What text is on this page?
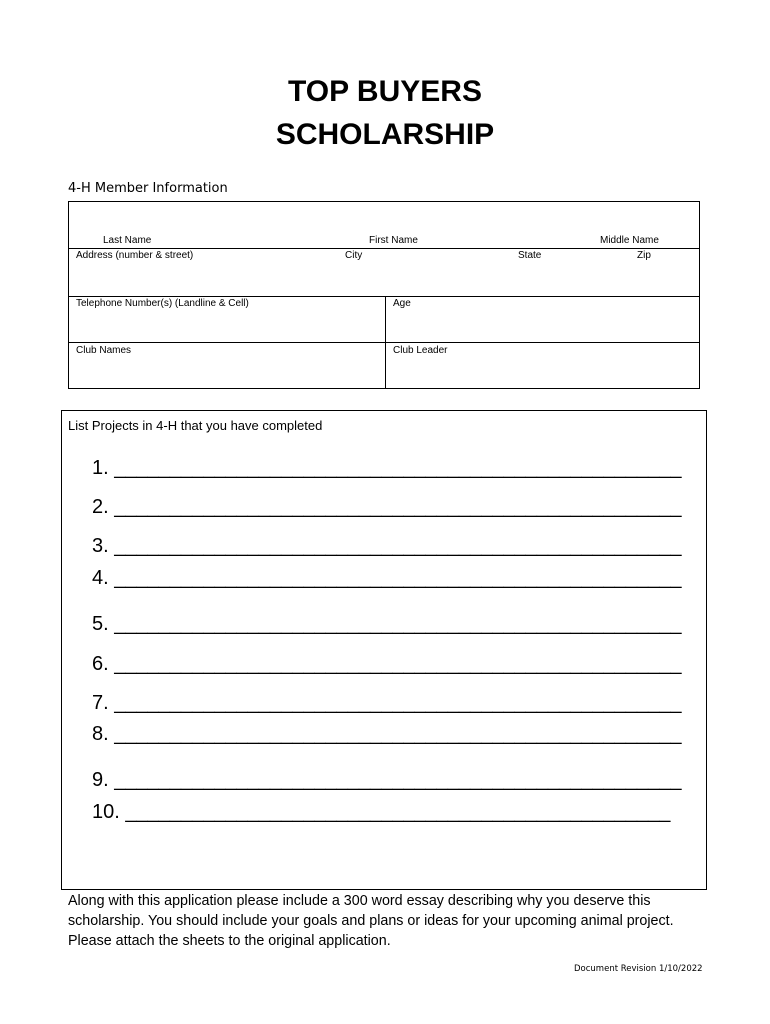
TOP BUYERS
SCHOLARSHIP
4-H Member Information
Last Name	First Name	Middle Name
Address (number & street)	City	State	Zip
Telephone Number(s) (Landline & Cell)	Age
Club Names	Club Leader
List Projects in 4-H that you have completed
1. ___________________________________________________
2. ___________________________________________________
3. ___________________________________________________
4. ___________________________________________________
5. ___________________________________________________
6. ___________________________________________________
7. ___________________________________________________
8. ___________________________________________________
9. ___________________________________________________
10. _________________________________________________
Along with this application please include a 300 word essay describing why you deserve this scholarship. You should include your goals and plans or ideas for your upcoming animal project. Please attach the sheets to the original application.
Document Revision 1/10/2022
